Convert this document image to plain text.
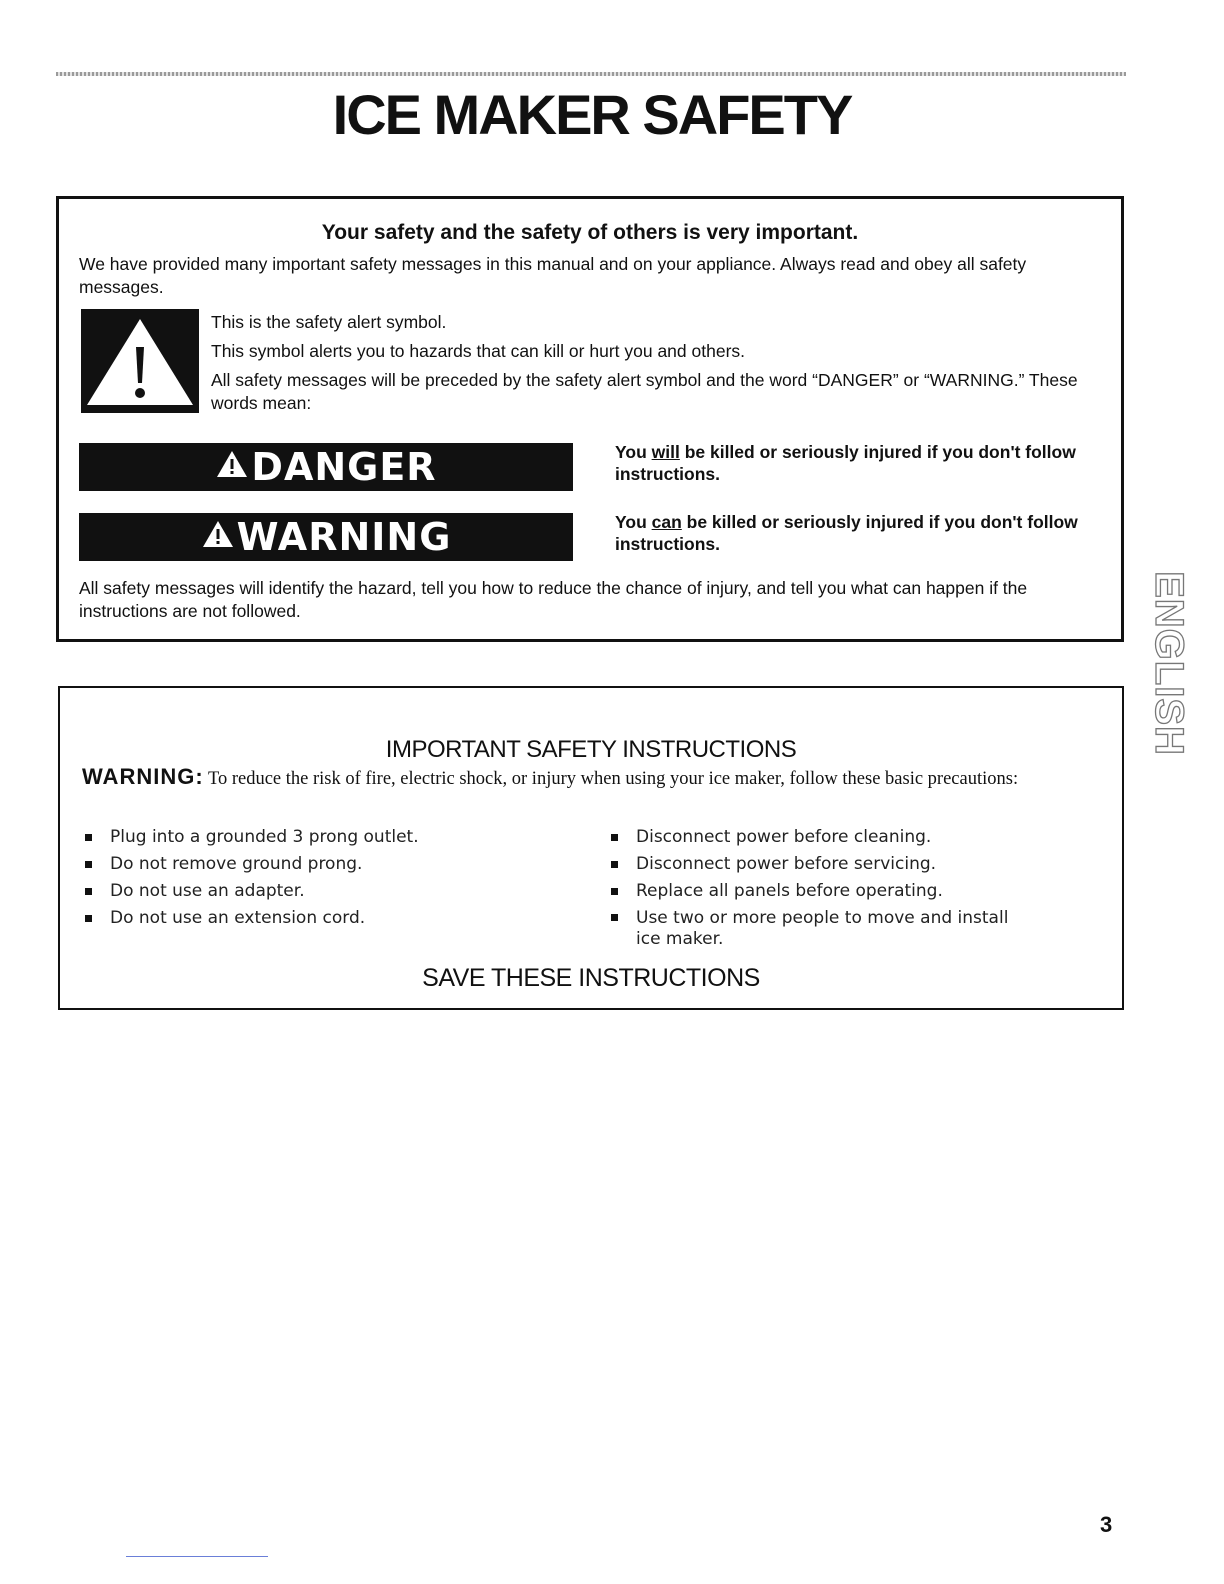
ICE MAKER SAFETY
Your safety and the safety of others is very important.
We have provided many important safety messages in this manual and on your appliance. Always read and obey all safety messages.
This is the safety alert symbol.
This symbol alerts you to hazards that can kill or hurt you and others.
All safety messages will be preceded by the safety alert symbol and the word “DANGER” or “WARNING.” These words mean:
DANGER	You will be killed or seriously injured if you don't follow instructions.
WARNING	You can be killed or seriously injured if you don't follow instructions.
All safety messages will identify the hazard, tell you how to reduce the chance of injury, and tell you what can happen if the instructions are not followed.
IMPORTANT SAFETY INSTRUCTIONS
WARNING: To reduce the risk of fire, electric shock, or injury when using your ice maker, follow these basic precautions:
Plug into a grounded 3 prong outlet.
Do not remove ground prong.
Do not use an adapter.
Do not use an extension cord.
Disconnect power before cleaning.
Disconnect power before servicing.
Replace all panels before operating.
Use two or more people to move and install ice maker.
SAVE THESE INSTRUCTIONS
ENGLISH
3
